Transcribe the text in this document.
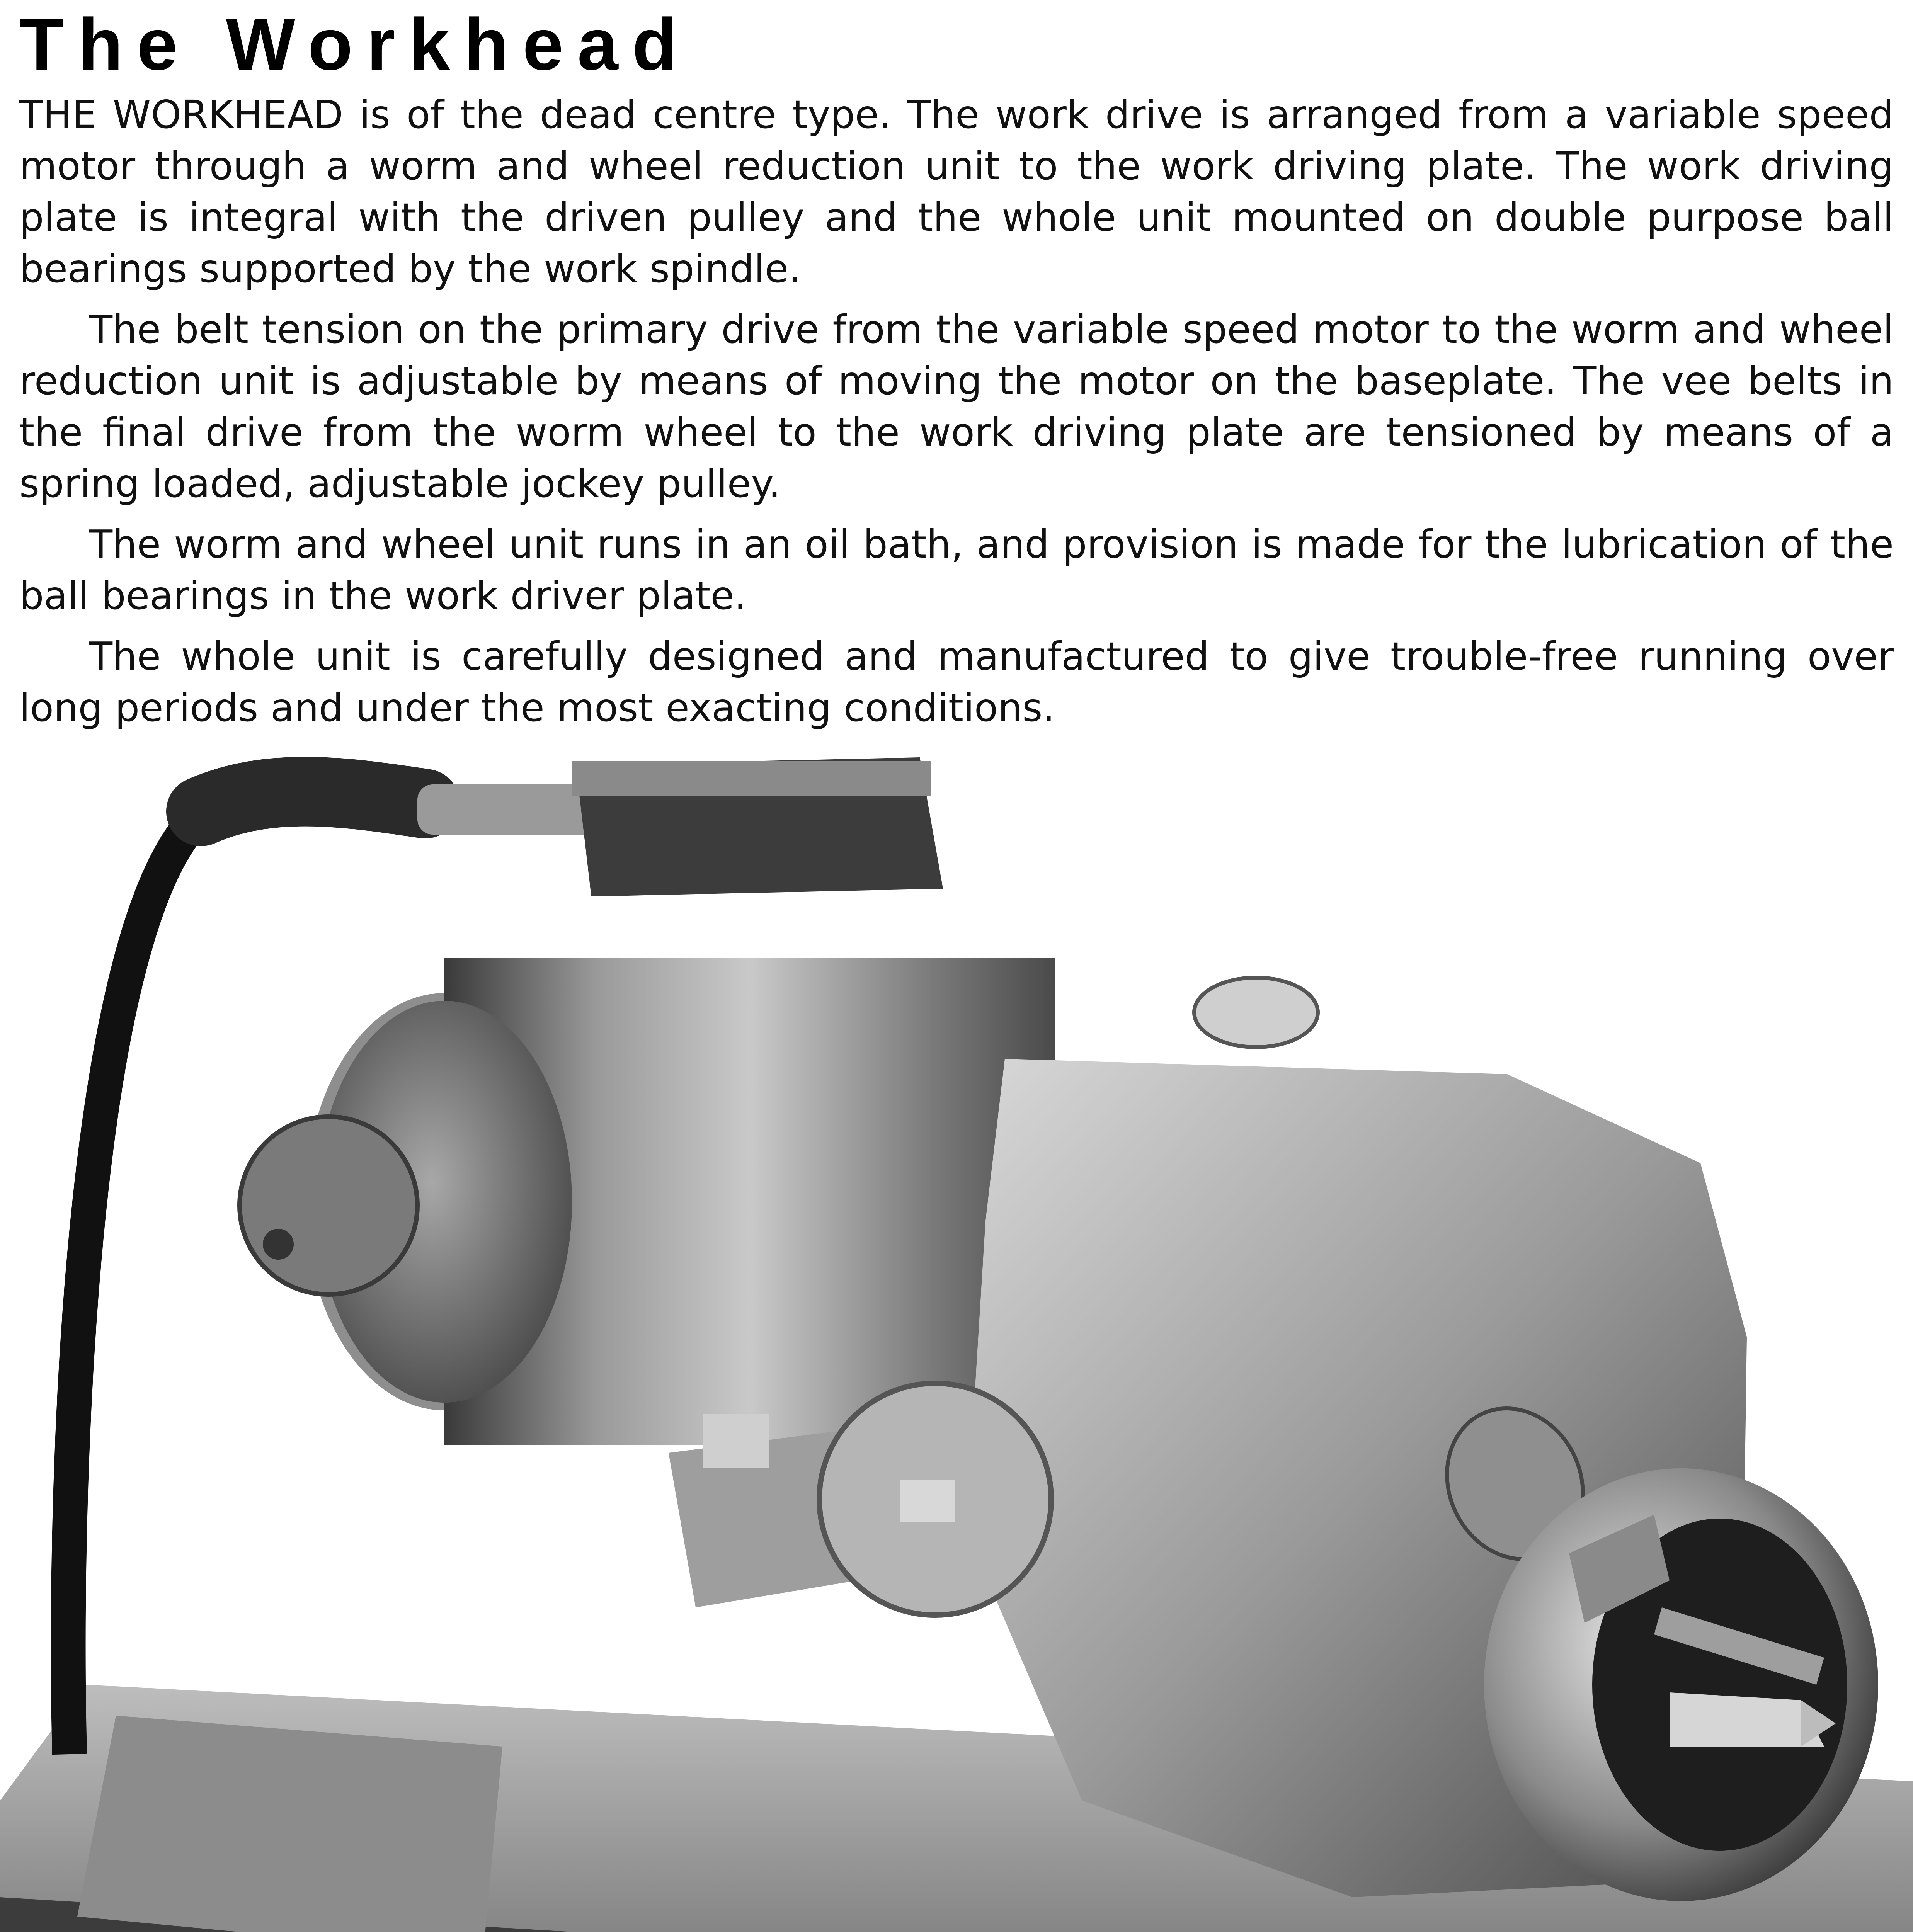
The Workhead

THE WORKHEAD is of the dead centre type. The work drive is arranged from a variable speed motor through a worm and wheel reduction unit to the work driving plate. The work driving plate is integral with the driven pulley and the whole unit mounted on double purpose ball bearings supported by the work spindle.

The belt tension on the primary drive from the variable speed motor to the worm and wheel reduction unit is adjustable by means of moving the motor on the baseplate. The vee belts in the final drive from the worm wheel to the work driving plate are tensioned by means of a spring loaded, adjustable jockey pulley.

The worm and wheel unit runs in an oil bath, and provision is made for the lubrication of the ball bearings in the work driver plate.

The whole unit is carefully designed and manufactured to give trouble-free running over long periods and under the most exacting conditions.
